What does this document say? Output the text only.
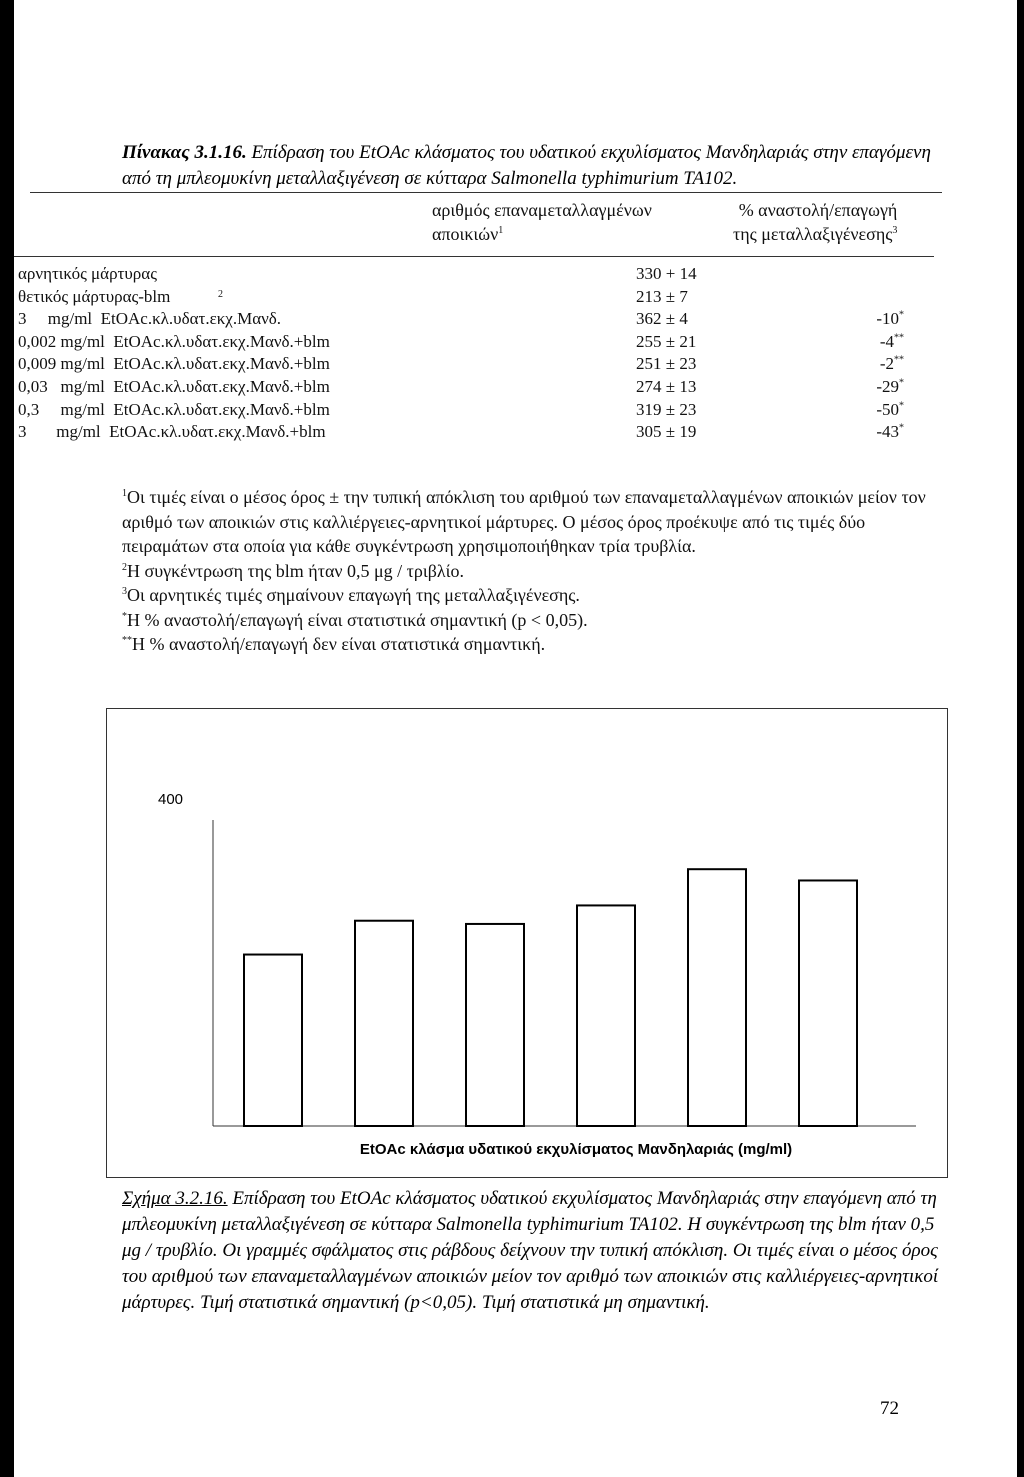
Πίνακας 3.1.16. Επίδραση του EtOAc κλάσματος του υδατικού εκχυλίσματος Μανδηλαριάς στην επαγόμενη από τη μπλεομυκίνη μεταλλαξιγένεση σε κύτταρα Salmonella typhimurium TA102.
αριθμός επαναμεταλλαγμένων
αποικιών$^1$
% αναστολή/επαγωγή
της μεταλλαξιγένεσης$^3$
αρνητικός μάρτυρας	330 + 14
θετικός μάρτυρας-blm	2	213 ± 7
3     mg/ml  EtOAc.κλ.υδατ.εκχ.Μανδ.	362 ± 4	-10*
0,002 mg/ml  EtOAc.κλ.υδατ.εκχ.Μανδ.+blm	255 ± 21	-4**
0,009 mg/ml  EtOAc.κλ.υδατ.εκχ.Μανδ.+blm	251 ± 23	-2**
0,03   mg/ml  EtOAc.κλ.υδατ.εκχ.Μανδ.+blm	274 ± 13	-29*
0,3     mg/ml  EtOAc.κλ.υδατ.εκχ.Μανδ.+blm	319 ± 23	-50*
3       mg/ml  EtOAc.κλ.υδατ.εκχ.Μανδ.+blm	305 ± 19	-43*
$^1$Οι τιμές είναι ο μέσος όρος ± την τυπική απόκλιση του αριθμού των επαναμεταλλαγμένων αποικιών μείον τον αριθμό των αποικιών στις καλλιέργειες-αρνητικοί μάρτυρες. Ο μέσος όρος προέκυψε από τις τιμές δύο πειραμάτων στα οποία για κάθε συγκέντρωση χρησιμοποιήθηκαν τρία τρυβλία.
$^2$Η συγκέντρωση της blm ήταν 0,5 μg / τριβλίο.
$^3$Οι αρνητικές τιμές σημαίνουν επαγωγή της μεταλλαξιγένεσης.
*Η % αναστολή/επαγωγή είναι στατιστικά σημαντική (p < 0,05).
**Η % αναστολή/επαγωγή δεν είναι στατιστικά σημαντική.
400
EtOAc κλάσμα υδατικού εκχυλίσματος Μανδηλαριάς (mg/ml)
Σχήμα 3.2.16. Επίδραση του EtOAc κλάσματος υδατικού εκχυλίσματος Μανδηλαριάς στην επαγόμενη από τη μπλεομυκίνη μεταλλαξιγένεση σε κύτταρα Salmonella typhimurium TA102. Η συγκέντρωση της blm ήταν 0,5 μg / τρυβλίο. Οι γραμμές σφάλματος στις ράβδους δείχνουν την τυπική απόκλιση. Οι τιμές είναι ο μέσος όρος του αριθμού των επαναμεταλλαγμένων αποικιών μείον τον αριθμό των αποικιών στις καλλιέργειες-αρνητικοί μάρτυρες. Τιμή στατιστικά σημαντική (p<0,05). Τιμή στατιστικά μη σημαντική.
72
